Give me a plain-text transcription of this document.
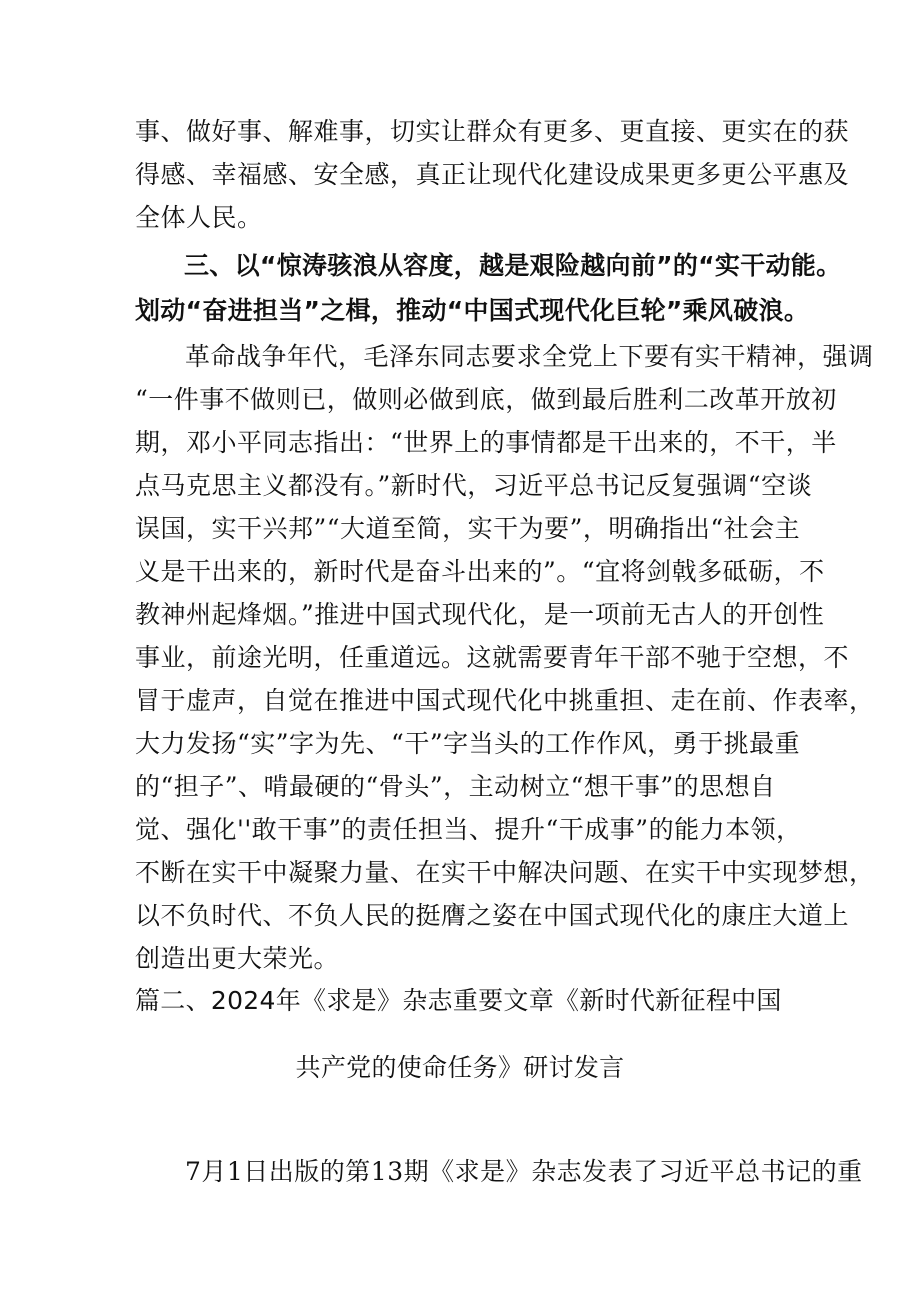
事、做好事、解难事，切实让群众有更多、更直接、更实在的获
得感、幸福感、安全感，真正让现代化建设成果更多更公平惠及
全体人民。
三、以“惊涛骇浪从容度，越是艰险越向前”的“实干动能。
划动“奋进担当”之楫，推动“中国式现代化巨轮”乘风破浪。
革命战争年代，毛泽东同志要求全党上下要有实干精神，强调
“一件事不做则已，做则必做到底，做到最后胜利二改革开放初
期，邓小平同志指出：“世界上的事情都是干出来的，不干，半
点马克思主义都没有。”新时代，习近平总书记反复强调“空谈
误国，实干兴邦”“大道至简，实干为要”，明确指出“社会主
义是干出来的，新时代是奋斗出来的”。“宜将剑戟多砥砺，不
教神州起烽烟。”推进中国式现代化，是一项前无古人的开创性
事业，前途光明，任重道远。这就需要青年干部不驰于空想，不
冒于虚声，自觉在推进中国式现代化中挑重担、走在前、作表率，
大力发扬“实”字为先、“干”字当头的工作作风，勇于挑最重
的“担子”、啃最硬的“骨头”，主动树立“想干事”的思想自
觉、强化''敢干事”的责任担当、提升“干成事”的能力本领，
不断在实干中凝聚力量、在实干中解决问题、在实干中实现梦想，
以不负时代、不负人民的挺膺之姿在中国式现代化的康庄大道上
创造出更大荣光。
篇二、2024年《求是》杂志重要文章《新时代新征程中国
共产党的使命任务》研讨发言
7月1日出版的第13期《求是》杂志发表了习近平总书记的重
